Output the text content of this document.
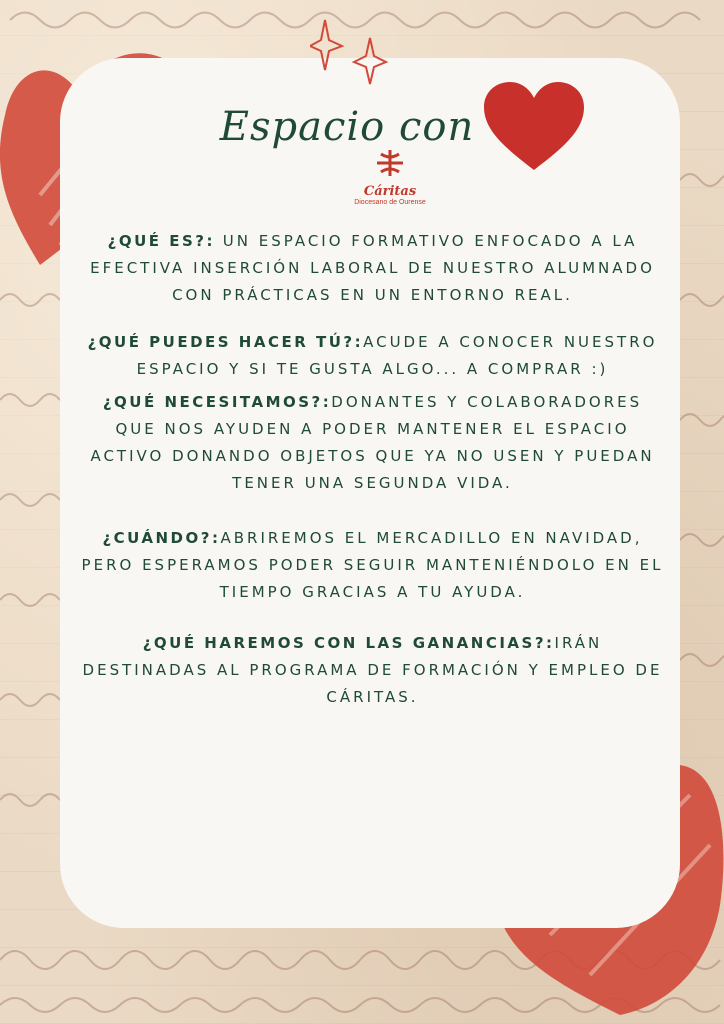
Espacio con
Cáritas
Diocesano de Ourense

¿QUÉ ES?: UN ESPACIO FORMATIVO ENFOCADO A LA EFECTIVA INSERCIÓN LABORAL DE NUESTRO ALUMNADO CON PRÁCTICAS EN UN ENTORNO REAL.

¿QUÉ PUEDES HACER TÚ?:ACUDE A CONOCER NUESTRO ESPACIO Y SI TE GUSTA ALGO... A COMPRAR :)

¿QUÉ NECESITAMOS?:DONANTES Y COLABORADORES QUE NOS AYUDEN A PODER MANTENER EL ESPACIO ACTIVO DONANDO OBJETOS QUE YA NO USEN Y PUEDAN TENER UNA SEGUNDA VIDA.

¿CUÁNDO?:ABRIREMOS EL MERCADILLO EN NAVIDAD, PERO ESPERAMOS PODER SEGUIR MANTENIÉNDOLO EN EL TIEMPO GRACIAS A TU AYUDA.

¿QUÉ HAREMOS CON LAS GANANCIAS?:IRÁN DESTINADAS AL PROGRAMA DE FORMACIÓN Y EMPLEO DE CÁRITAS.
